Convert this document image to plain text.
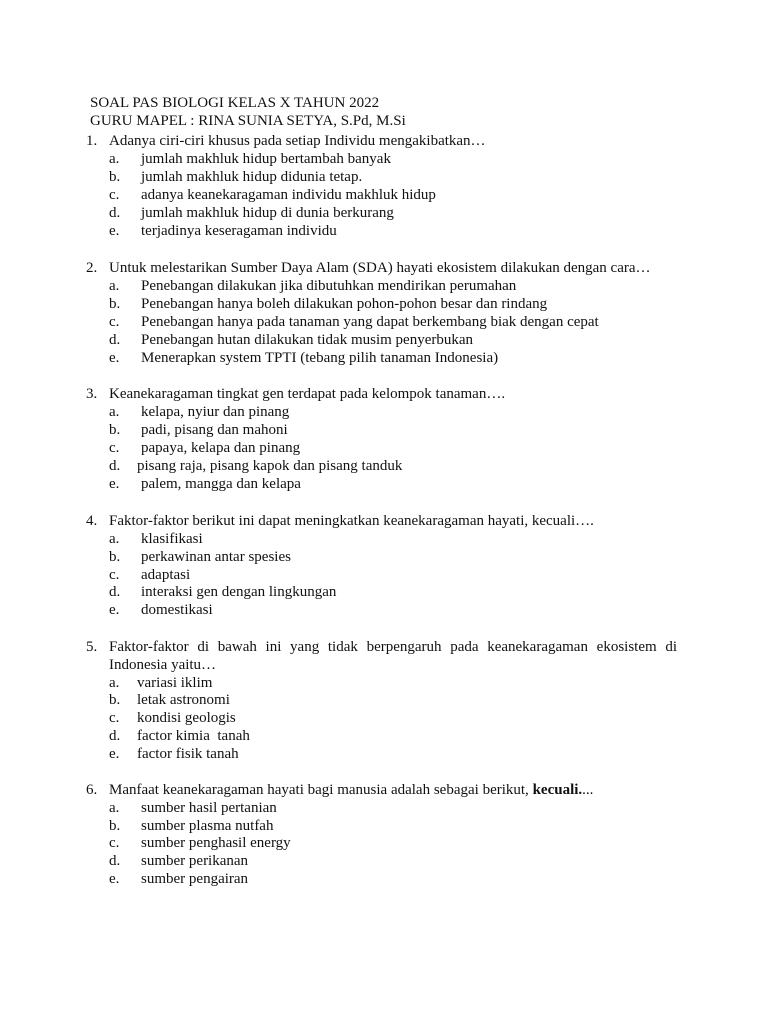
SOAL PAS BIOLOGI KELAS X TAHUN 2022
GURU MAPEL : RINA SUNIA SETYA, S.Pd, M.Si
1. Adanya ciri-ciri khusus pada setiap Individu mengakibatkan…
a. jumlah makhluk hidup bertambah banyak
b. jumlah makhluk hidup didunia tetap.
c. adanya keanekaragaman individu makhluk hidup
d. jumlah makhluk hidup di dunia berkurang
e. terjadinya keseragaman individu
2. Untuk melestarikan Sumber Daya Alam (SDA) hayati ekosistem dilakukan dengan cara…
a. Penebangan dilakukan jika dibutuhkan mendirikan perumahan
b. Penebangan hanya boleh dilakukan pohon-pohon besar dan rindang
c. Penebangan hanya pada tanaman yang dapat berkembang biak dengan cepat
d. Penebangan hutan dilakukan tidak musim penyerbukan
e. Menerapkan system TPTI (tebang pilih tanaman Indonesia)
3. Keanekaragaman tingkat gen terdapat pada kelompok tanaman….
a. kelapa, nyiur dan pinang
b. padi, pisang dan mahoni
c. papaya, kelapa dan pinang
d. pisang raja, pisang kapok dan pisang tanduk
e. palem, mangga dan kelapa
4. Faktor-faktor berikut ini dapat meningkatkan keanekaragaman hayati, kecuali….
a. klasifikasi
b. perkawinan antar spesies
c. adaptasi
d. interaksi gen dengan lingkungan
e. domestikasi
5. Faktor-faktor di bawah ini yang tidak berpengaruh pada keanekaragaman ekosistem di
Indonesia yaitu…
a. variasi iklim
b. letak astronomi
c. kondisi geologis
d. factor kimia  tanah
e. factor fisik tanah
6. Manfaat keanekaragaman hayati bagi manusia adalah sebagai berikut, kecuali....
a. sumber hasil pertanian
b. sumber plasma nutfah
c. sumber penghasil energy
d. sumber perikanan
e. sumber pengairan
